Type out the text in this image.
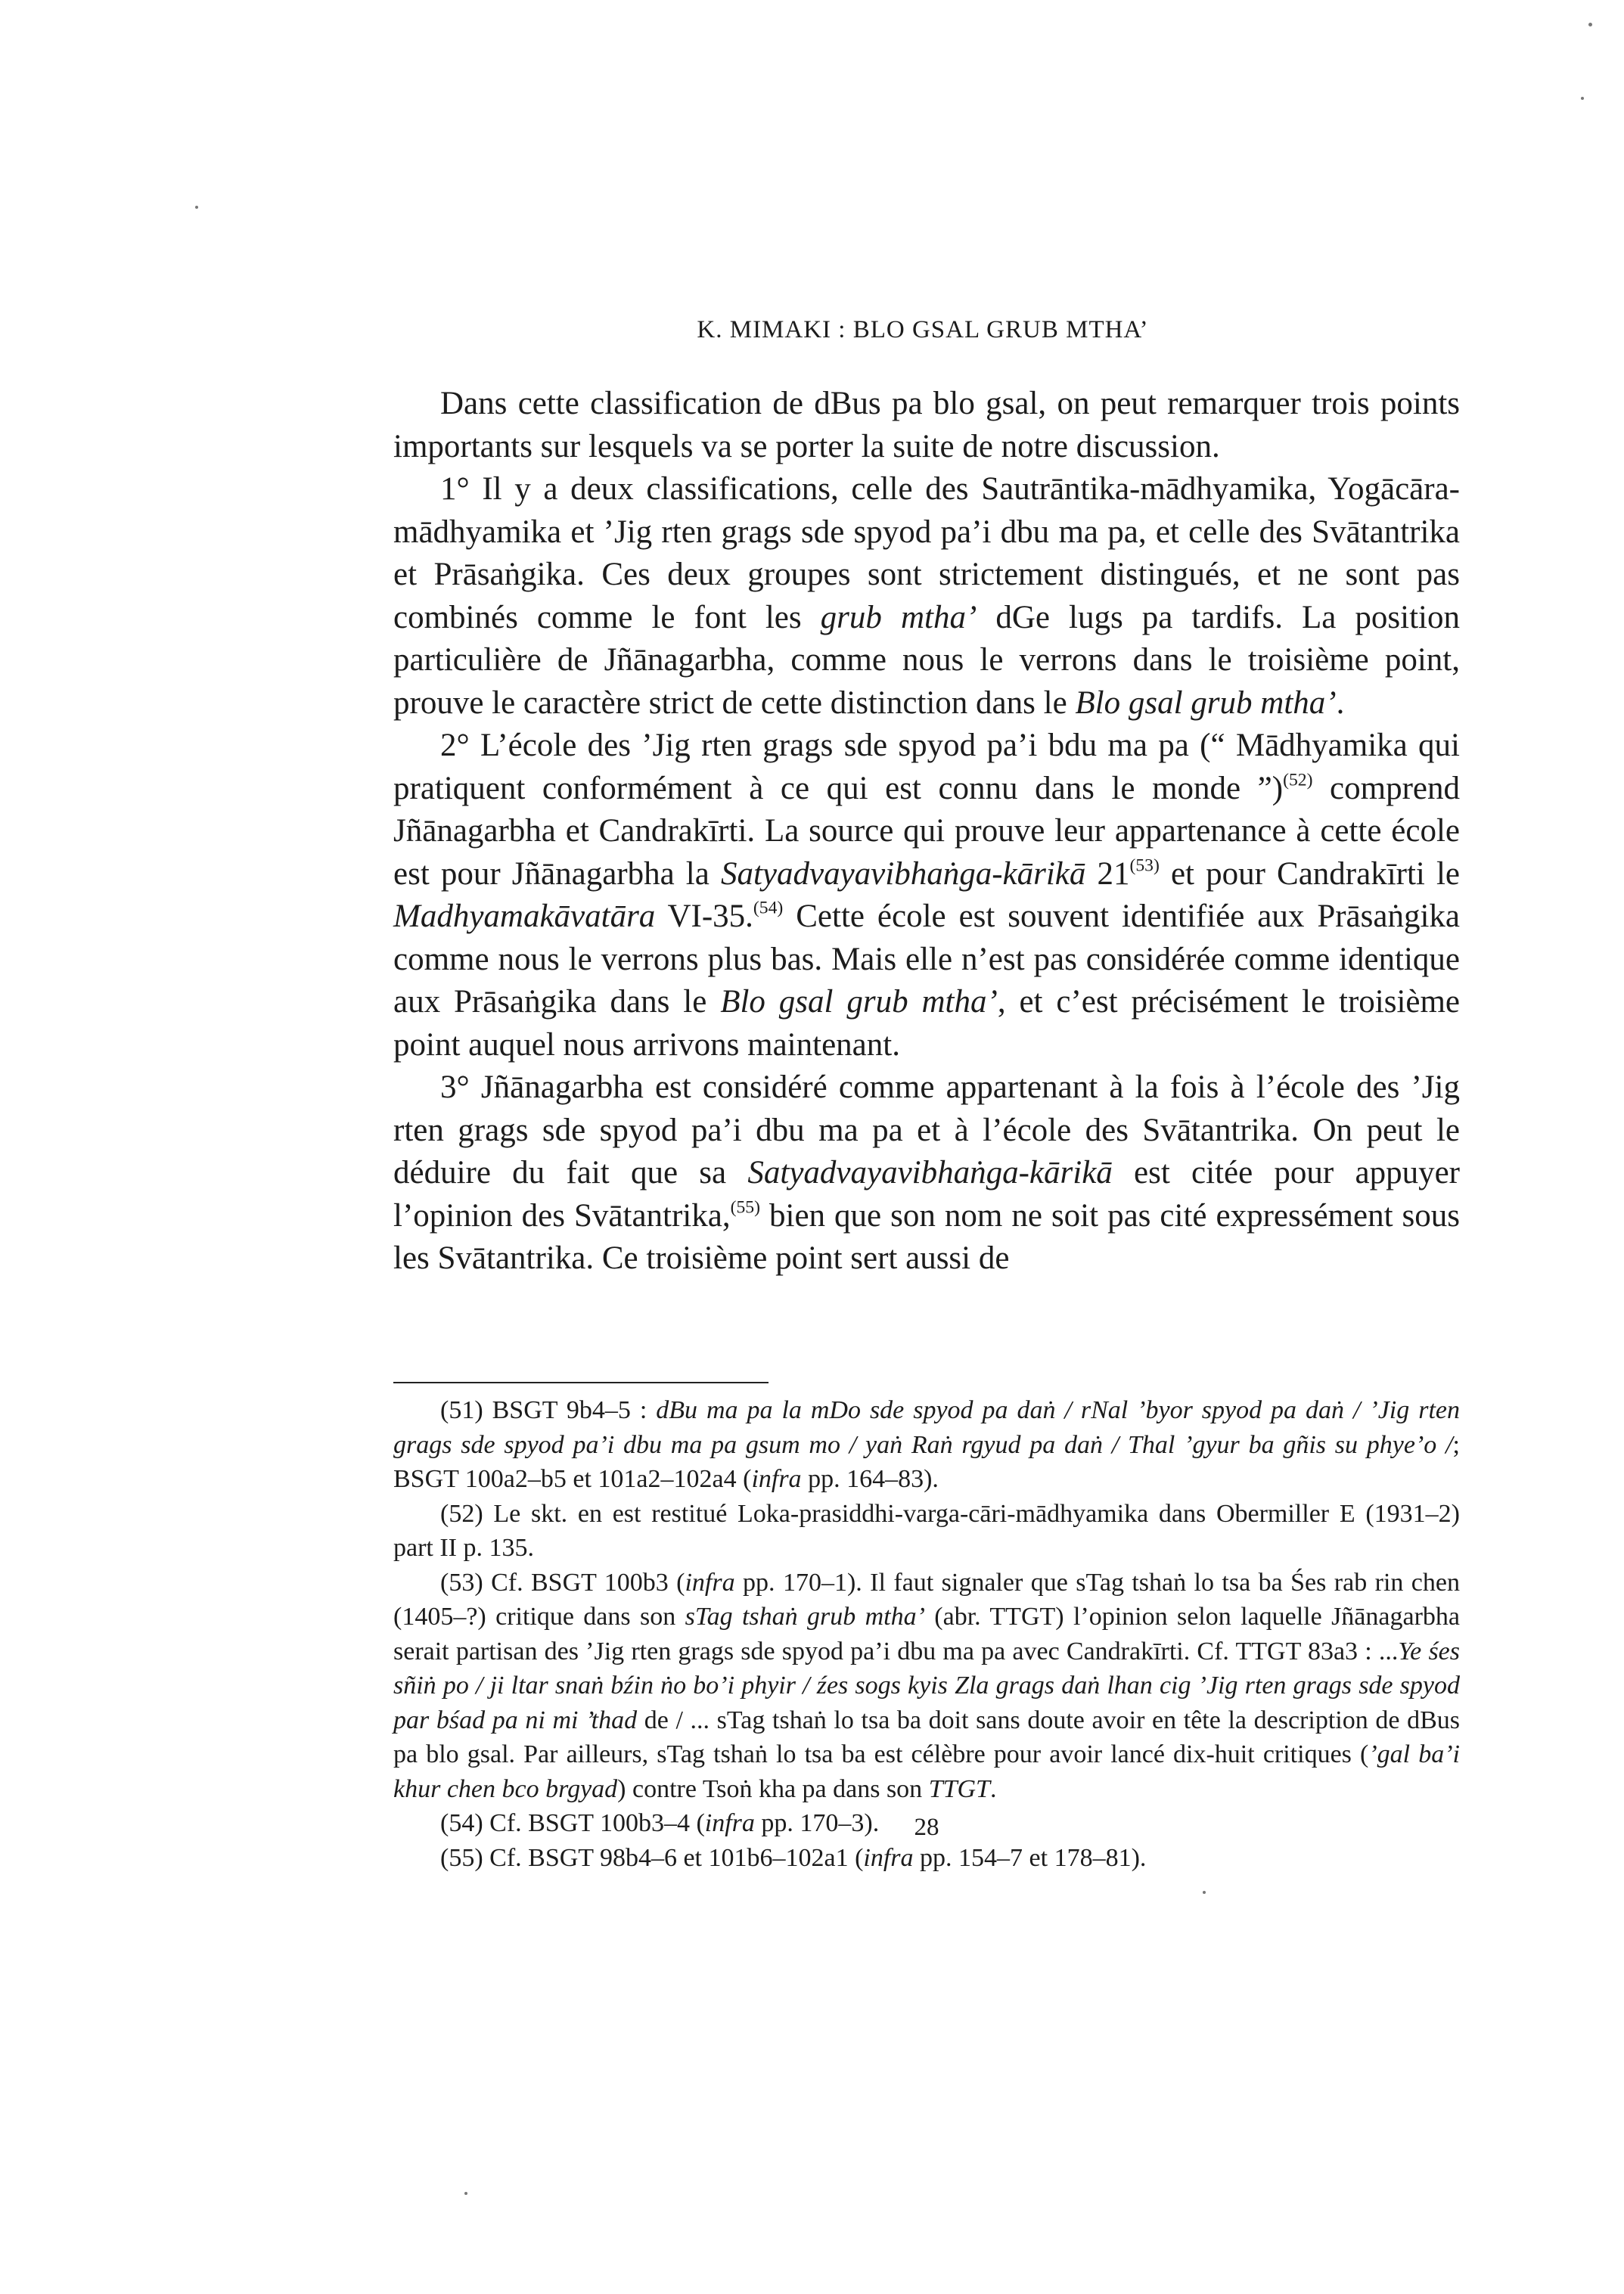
K. MIMAKI : BLO GSAL GRUB MTHA’

Dans cette classification de dBus pa blo gsal, on peut remarquer trois points importants sur lesquels va se porter la suite de notre discussion.

1° Il y a deux classifications, celle des Sautrāntika-mādhyamika, Yogācāra-mādhyamika et ’Jig rten grags sde spyod pa’i dbu ma pa, et celle des Svātantrika et Prāsaṅgika. Ces deux groupes sont strictement distingués, et ne sont pas combinés comme le font les grub mtha’ dGe lugs pa tardifs. La position particulière de Jñānagarbha, comme nous le verrons dans le troisième point, prouve le caractère strict de cette distinction dans le Blo gsal grub mtha’.

2° L’école des ’Jig rten grags sde spyod pa’i bdu ma pa (“ Mādhyamika qui pratiquent conformément à ce qui est connu dans le monde ”)$^{(52)}$ comprend Jñānagarbha et Candrakīrti. La source qui prouve leur appartenance à cette école est pour Jñānagarbha la Satyadvayavibhaṅga-kārikā 21$^{(53)}$ et pour Candrakīrti le Madhyamakāvatāra VI-35.$^{(54)}$ Cette école est souvent identifiée aux Prāsaṅgika comme nous le verrons plus bas. Mais elle n’est pas considérée comme identique aux Prāsaṅgika dans le Blo gsal grub mtha’, et c’est précisément le troisième point auquel nous arrivons maintenant.

3° Jñānagarbha est considéré comme appartenant à la fois à l’école des ’Jig rten grags sde spyod pa’i dbu ma pa et à l’école des Svātantrika. On peut le déduire du fait que sa Satyadvayavibhaṅga-kārikā est citée pour appuyer l’opinion des Svātantrika,$^{(55)}$ bien que son nom ne soit pas cité expressément sous les Svātantrika. Ce troisième point sert aussi de

(51) BSGT 9b4–5 : dBu ma pa la mDo sde spyod pa daṅ / rNal ’byor spyod pa daṅ / ’Jig rten grags sde spyod pa’i dbu ma pa gsum mo / yaṅ Raṅ rgyud pa daṅ / Thal ’gyur ba gñis su phye’o /; BSGT 100a2–b5 et 101a2–102a4 (infra pp. 164–83).

(52) Le skt. en est restitué Loka-prasiddhi-varga-cāri-mādhyamika dans Obermiller E (1931–2) part II p. 135.

(53) Cf. BSGT 100b3 (infra pp. 170–1). Il faut signaler que sTag tshaṅ lo tsa ba Śes rab rin chen (1405–?) critique dans son sTag tshaṅ grub mtha’ (abr. TTGT) l’opinion selon laquelle Jñānagarbha serait partisan des ’Jig rten grags sde spyod pa’i dbu ma pa avec Candrakīrti. Cf. TTGT 83a3 : ...Ye śes sñiṅ po / ji ltar snaṅ bźin ṅo bo’i phyir / źes sogs kyis Zla grags daṅ lhan cig ’Jig rten grags sde spyod par bśad pa ni mi ’thad de / ... sTag tshaṅ lo tsa ba doit sans doute avoir en tête la description de dBus pa blo gsal. Par ailleurs, sTag tshaṅ lo tsa ba est célèbre pour avoir lancé dix-huit critiques (’gal ba’i khur chen bco brgyad) contre Tsoṅ kha pa dans son TTGT.

(54) Cf. BSGT 100b3–4 (infra pp. 170–3).

(55) Cf. BSGT 98b4–6 et 101b6–102a1 (infra pp. 154–7 et 178–81).

28
